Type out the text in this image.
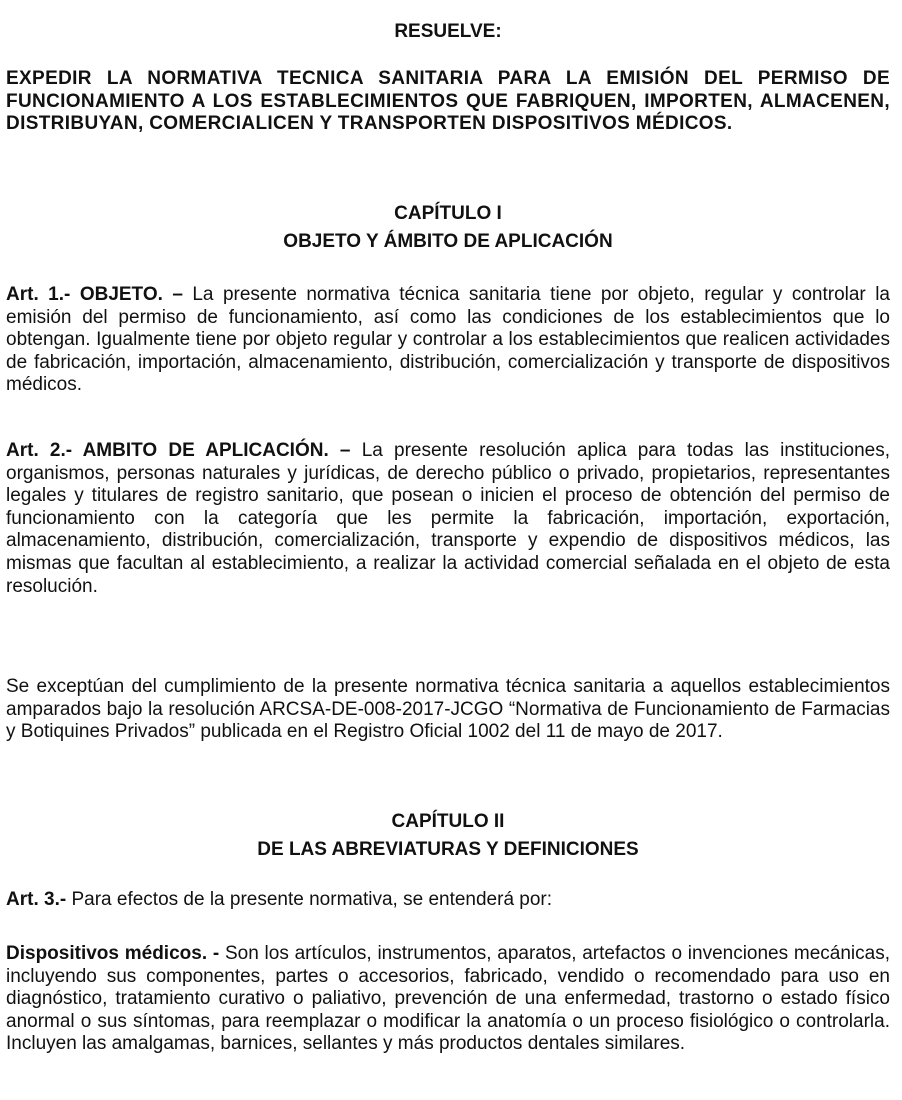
RESUELVE:

EXPEDIR LA NORMATIVA TECNICA SANITARIA PARA LA EMISIÓN DEL PERMISO DE FUNCIONAMIENTO A LOS ESTABLECIMIENTOS QUE FABRIQUEN, IMPORTEN, ALMACENEN, DISTRIBUYAN, COMERCIALICEN Y TRANSPORTEN DISPOSITIVOS MÉDICOS.

CAPÍTULO I

OBJETO Y ÁMBITO DE APLICACIÓN

Art. 1.- OBJETO. – La presente normativa técnica sanitaria tiene por objeto, regular y controlar la emisión del permiso de funcionamiento, así como las condiciones de los establecimientos que lo obtengan. Igualmente tiene por objeto regular y controlar a los establecimientos que realicen actividades de fabricación, importación, almacenamiento, distribución, comercialización y transporte de dispositivos médicos.

Art. 2.- AMBITO DE APLICACIÓN. – La presente resolución aplica para todas las instituciones, organismos, personas naturales y jurídicas, de derecho público o privado, propietarios, representantes legales y titulares de registro sanitario, que posean o inicien el proceso de obtención del permiso de funcionamiento con la categoría que les permite la fabricación, importación, exportación, almacenamiento, distribución, comercialización, transporte y expendio de dispositivos médicos, las mismas que facultan al establecimiento, a realizar la actividad comercial señalada en el objeto de esta resolución.

Se exceptúan del cumplimiento de la presente normativa técnica sanitaria a aquellos establecimientos amparados bajo la resolución ARCSA-DE-008-2017-JCGO “Normativa de Funcionamiento de Farmacias y Botiquines Privados” publicada en el Registro Oficial 1002 del 11 de mayo de 2017.

CAPÍTULO II

DE LAS ABREVIATURAS Y DEFINICIONES

Art. 3.- Para efectos de la presente normativa, se entenderá por:

Dispositivos médicos. - Son los artículos, instrumentos, aparatos, artefactos o invenciones mecánicas, incluyendo sus componentes, partes o accesorios, fabricado, vendido o recomendado para uso en diagnóstico, tratamiento curativo o paliativo, prevención de una enfermedad, trastorno o estado físico anormal o sus síntomas, para reemplazar o modificar la anatomía o un proceso fisiológico o controlarla. Incluyen las amalgamas, barnices, sellantes y más productos dentales similares.
